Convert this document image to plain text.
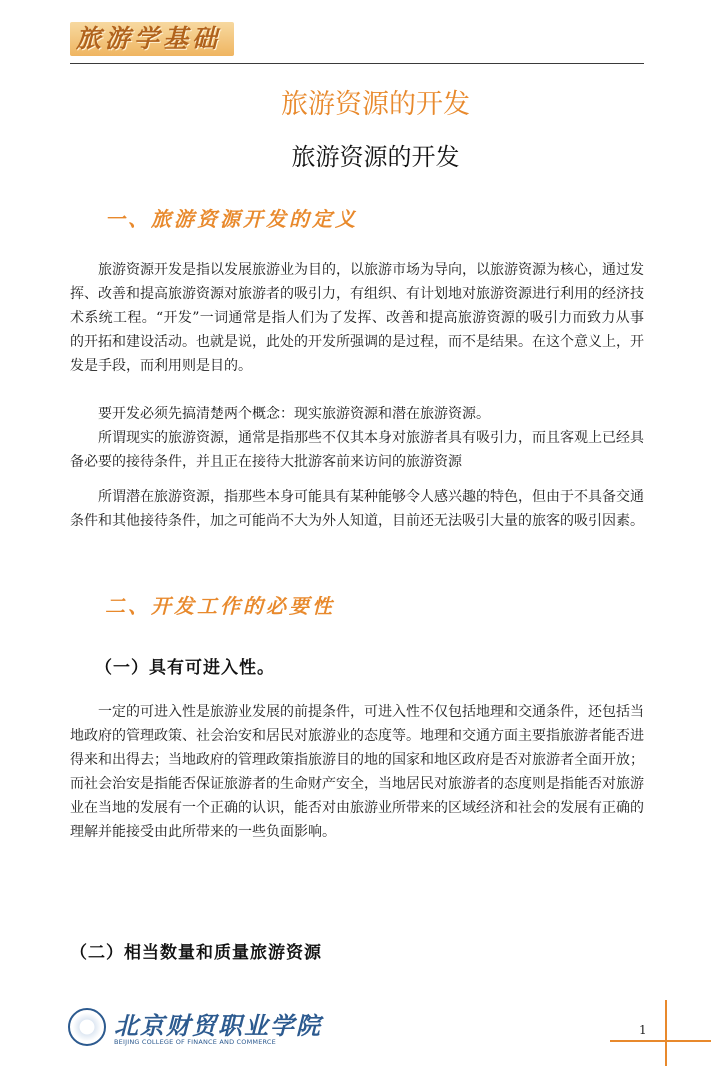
旅游学基础
旅游资源的开发
旅游资源的开发
一、旅游资源开发的定义

旅游资源开发是指以发展旅游业为目的，以旅游市场为导向，以旅游资源为核心，通过发挥、改善和提高旅游资源对旅游者的吸引力，有组织、有计划地对旅游资源进行利用的经济技术系统工程。“开发”一词通常是指人们为了发挥、改善和提高旅游资源的吸引力而致力从事的开拓和建设活动。也就是说，此处的开发所强调的是过程，而不是结果。在这个意义上，开发是手段，而利用则是目的。

要开发必须先搞清楚两个概念：现实旅游资源和潜在旅游资源。

所谓现实的旅游资源，通常是指那些不仅其本身对旅游者具有吸引力，而且客观上已经具备必要的接待条件，并且正在接待大批游客前来访问的旅游资源

所谓潜在旅游资源，指那些本身可能具有某种能够令人感兴趣的特色，但由于不具备交通条件和其他接待条件，加之可能尚不大为外人知道，目前还无法吸引大量的旅客的吸引因素。

二、开发工作的必要性
（一）具有可进入性。

一定的可进入性是旅游业发展的前提条件，可进入性不仅包括地理和交通条件，还包括当地政府的管理政策、社会治安和居民对旅游业的态度等。地理和交通方面主要指旅游者能否进得来和出得去；当地政府的管理政策指旅游目的地的国家和地区政府是否对旅游者全面开放；而社会治安是指能否保证旅游者的生命财产安全，当地居民对旅游者的态度则是指能否对旅游业在当地的发展有一个正确的认识，能否对由旅游业所带来的区域经济和社会的发展有正确的理解并能接受由此所带来的一些负面影响。

（二）相当数量和质量旅游资源
北京财贸职业学院
BEIJING COLLEGE OF FINANCE AND COMMERCE
1
